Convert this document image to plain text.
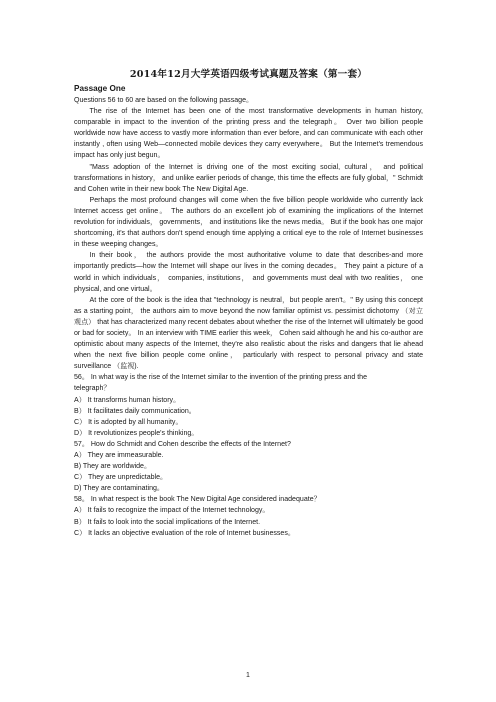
2014年12月大学英语四级考试真题及答案（第一套）
Passage One
Questions 56 to 60 are based on the following passage。

The rise of the Internet has been one of the most transformative developments in human history, comparable in impact to the invention of the printing press and the telegraph。 Over two billion people worldwide now have access to vastly more information than ever before, and can communicate with each other instantly , often using Web—connected mobile devices they carry everywhere。 But the Internet's tremendous impact has only just begun。

"Mass adoption of the Internet is driving one of the most exciting social, cultural， and political transformations in history， and unlike earlier periods of change, this time the effects are fully global，" Schmidt and Cohen write in their new book The New Digital Age.

Perhaps the most profound changes will come when the five billion people worldwide who currently lack Internet access get online。 The authors do an excellent job of examining the implications of the Internet revolution for individuals， governments， and institutions like the news media。 But if the book has one major shortcoming, it's that authors don't spend enough time applying a critical eye to the role of Internet businesses in these weeping changes。

In their book， the authors provide the most authoritative volume to date that describes-and more importantly predicts—how the Internet will shape our lives in the coming decades。 They paint a picture of a world in which individuals， companies, institutions， and governments must deal with two realities， one physical, and one virtual。

At the core of the book is the idea that "technology is neutral，but people aren't。" By using this concept as a starting point， the authors aim to move beyond the now familiar optimist vs. pessimist dichotomy （对立观点） that has characterized many recent debates about whether the rise of the Internet will ultimately be good or bad for society。 In an interview with TIME earlier this week， Cohen said although he and his co-author are optimistic about many aspects of the Internet, they're also realistic about the risks and dangers that lie ahead when the next five billion people come online， particularly with respect to personal privacy and state surveillance （监视).

56。 In what way is the rise of the Internet similar to the invention of the printing press and the
telegraph？
A） It transforms human history。
B） It facilitates daily communication。
C） It is adopted by all humanity。
D） It revolutionizes people's thinking。
57。 How do Schmidt and Cohen describe the effects of the Internet?
A） They are immeasurable.
B) They are worldwide。
C） They are unpredictable。
D) They are contaminating。
58。 In what respect is the book The New Digital Age considered inadequate？
A） It fails to recognize the impact of the Internet technology。
B） It fails to look into the social implications of the Internet.
C） It lacks an objective evaluation of the role of Internet businesses。
1
